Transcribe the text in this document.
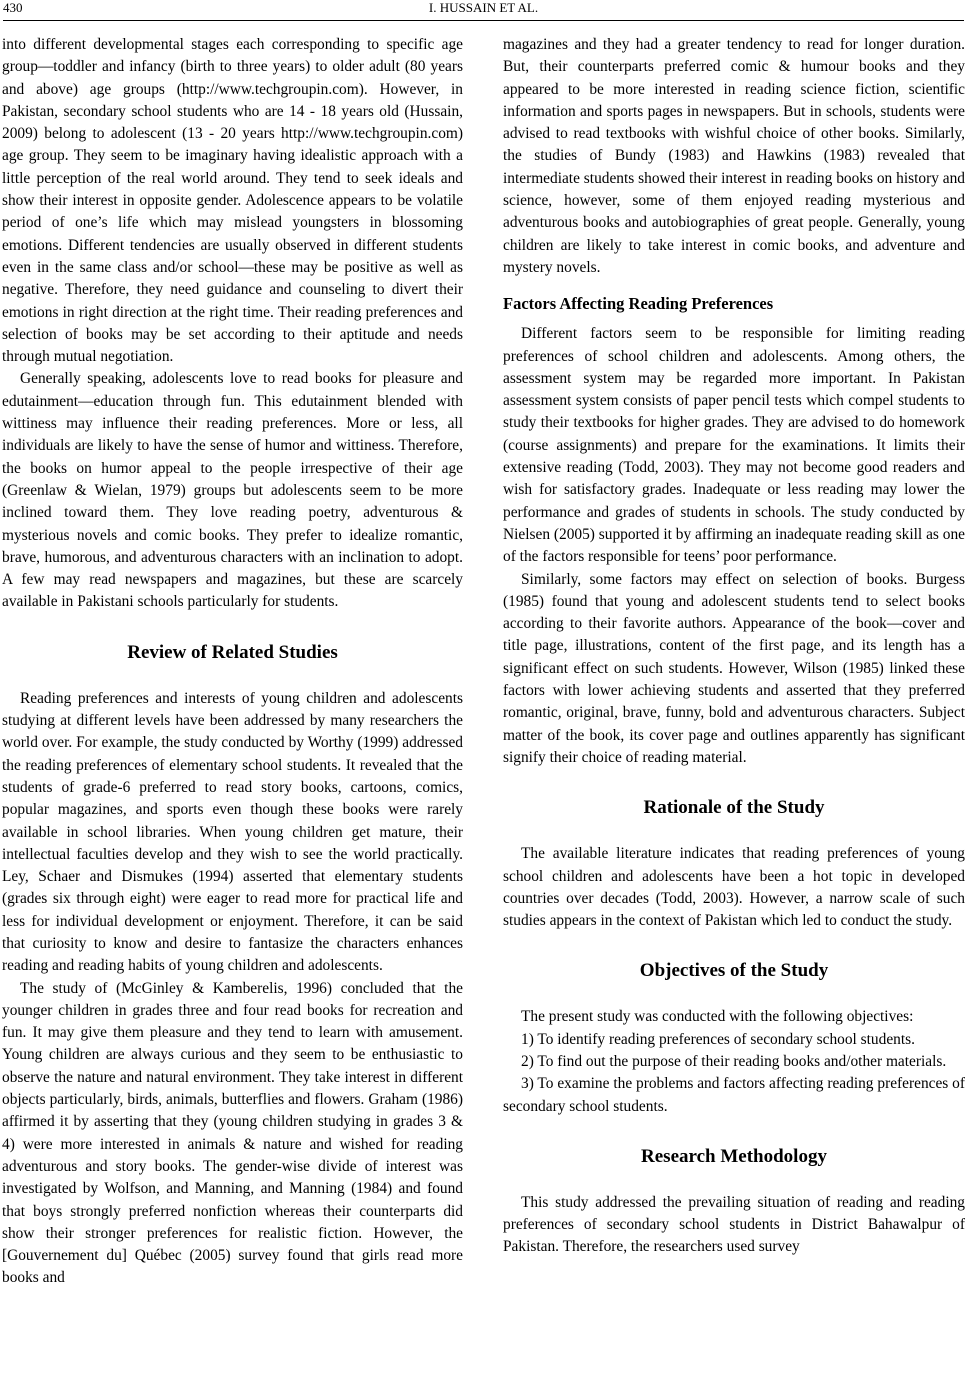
430	I. HUSSAIN ET AL.

into different developmental stages each corresponding to specific age group—toddler and infancy (birth to three years) to older adult (80 years and above) age groups (http://www.techgroupin.com). However, in Pakistan, secondary school students who are 14 - 18 years old (Hussain, 2009) belong to adolescent (13 - 20 years http://www.techgroupin.com) age group. They seem to be imaginary having idealistic approach with a little perception of the real world around. They tend to seek ideals and show their interest in opposite gender. Adolescence appears to be volatile period of one’s life which may mislead youngsters in blossoming emotions. Different tendencies are usually observed in different students even in the same class and/or school—these may be positive as well as negative. Therefore, they need guidance and counseling to divert their emotions in right direction at the right time. Their reading preferences and selection of books may be set according to their aptitude and needs through mutual negotiation.

Generally speaking, adolescents love to read books for pleasure and edutainment—education through fun. This edutainment blended with wittiness may influence their reading preferences. More or less, all individuals are likely to have the sense of humor and wittiness. Therefore, the books on humor appeal to the people irrespective of their age (Greenlaw & Wielan, 1979) groups but adolescents seem to be more inclined toward them. They love reading poetry, adventurous & mysterious novels and comic books. They prefer to idealize romantic, brave, humorous, and adventurous characters with an inclination to adopt. A few may read newspapers and magazines, but these are scarcely available in Pakistani schools particularly for students.

Review of Related Studies

Reading preferences and interests of young children and adolescents studying at different levels have been addressed by many researchers the world over. For example, the study conducted by Worthy (1999) addressed the reading preferences of elementary school students. It revealed that the students of grade-6 preferred to read story books, cartoons, comics, popular magazines, and sports even though these books were rarely available in school libraries. When young children get mature, their intellectual faculties develop and they wish to see the world practically. Ley, Schaer and Dismukes (1994) asserted that elementary students (grades six through eight) were eager to read more for practical life and less for individual development or enjoyment. Therefore, it can be said that curiosity to know and desire to fantasize the characters enhances reading and reading habits of young children and adolescents.

The study of (McGinley & Kamberelis, 1996) concluded that the younger children in grades three and four read books for recreation and fun. It may give them pleasure and they tend to learn with amusement. Young children are always curious and they seem to be enthusiastic to observe the nature and natural environment. They take interest in different objects particularly, birds, animals, butterflies and flowers. Graham (1986) affirmed it by asserting that they (young children studying in grades 3 & 4) were more interested in animals & nature and wished for reading adventurous and story books. The gender-wise divide of interest was investigated by Wolfson, and Manning, and Manning (1984) and found that boys strongly preferred nonfiction whereas their counterparts did show their stronger preferences for realistic fiction. However, the [Gouvernement du] Québec (2005) survey found that girls read more books and

magazines and they had a greater tendency to read for longer duration. But, their counterparts preferred comic & humour books and they appeared to be more interested in reading science fiction, scientific information and sports pages in newspapers. But in schools, students were advised to read textbooks with wishful choice of other books. Similarly, the studies of Bundy (1983) and Hawkins (1983) revealed that intermediate students showed their interest in reading books on history and science, however, some of them enjoyed reading mysterious and adventurous books and autobiographies of great people. Generally, young children are likely to take interest in comic books, and adventure and mystery novels.

Factors Affecting Reading Preferences

Different factors seem to be responsible for limiting reading preferences of school children and adolescents. Among others, the assessment system may be regarded more important. In Pakistan assessment system consists of paper pencil tests which compel students to study their textbooks for higher grades. They are advised to do homework (course assignments) and prepare for the examinations. It limits their extensive reading (Todd, 2003). They may not become good readers and wish for satisfactory grades. Inadequate or less reading may lower the performance and grades of students in schools. The study conducted by Nielsen (2005) supported it by affirming an inadequate reading skill as one of the factors responsible for teens’ poor performance.

Similarly, some factors may effect on selection of books. Burgess (1985) found that young and adolescent students tend to select books according to their favorite authors. Appearance of the book—cover and title page, illustrations, content of the first page, and its length has a significant effect on such students. However, Wilson (1985) linked these factors with lower achieving students and asserted that they preferred romantic, original, brave, funny, bold and adventurous characters. Subject matter of the book, its cover page and outlines apparently has significant signify their choice of reading material.

Rationale of the Study

The available literature indicates that reading preferences of young school children and adolescents have been a hot topic in developed countries over decades (Todd, 2003). However, a narrow scale of such studies appears in the context of Pakistan which led to conduct the study.

Objectives of the Study

The present study was conducted with the following objectives:

1) To identify reading preferences of secondary school students.

2) To find out the purpose of their reading books and/other materials.

3) To examine the problems and factors affecting reading preferences of secondary school students.

Research Methodology

This study addressed the prevailing situation of reading and reading preferences of secondary school students in District Bahawalpur of Pakistan. Therefore, the researchers used survey
